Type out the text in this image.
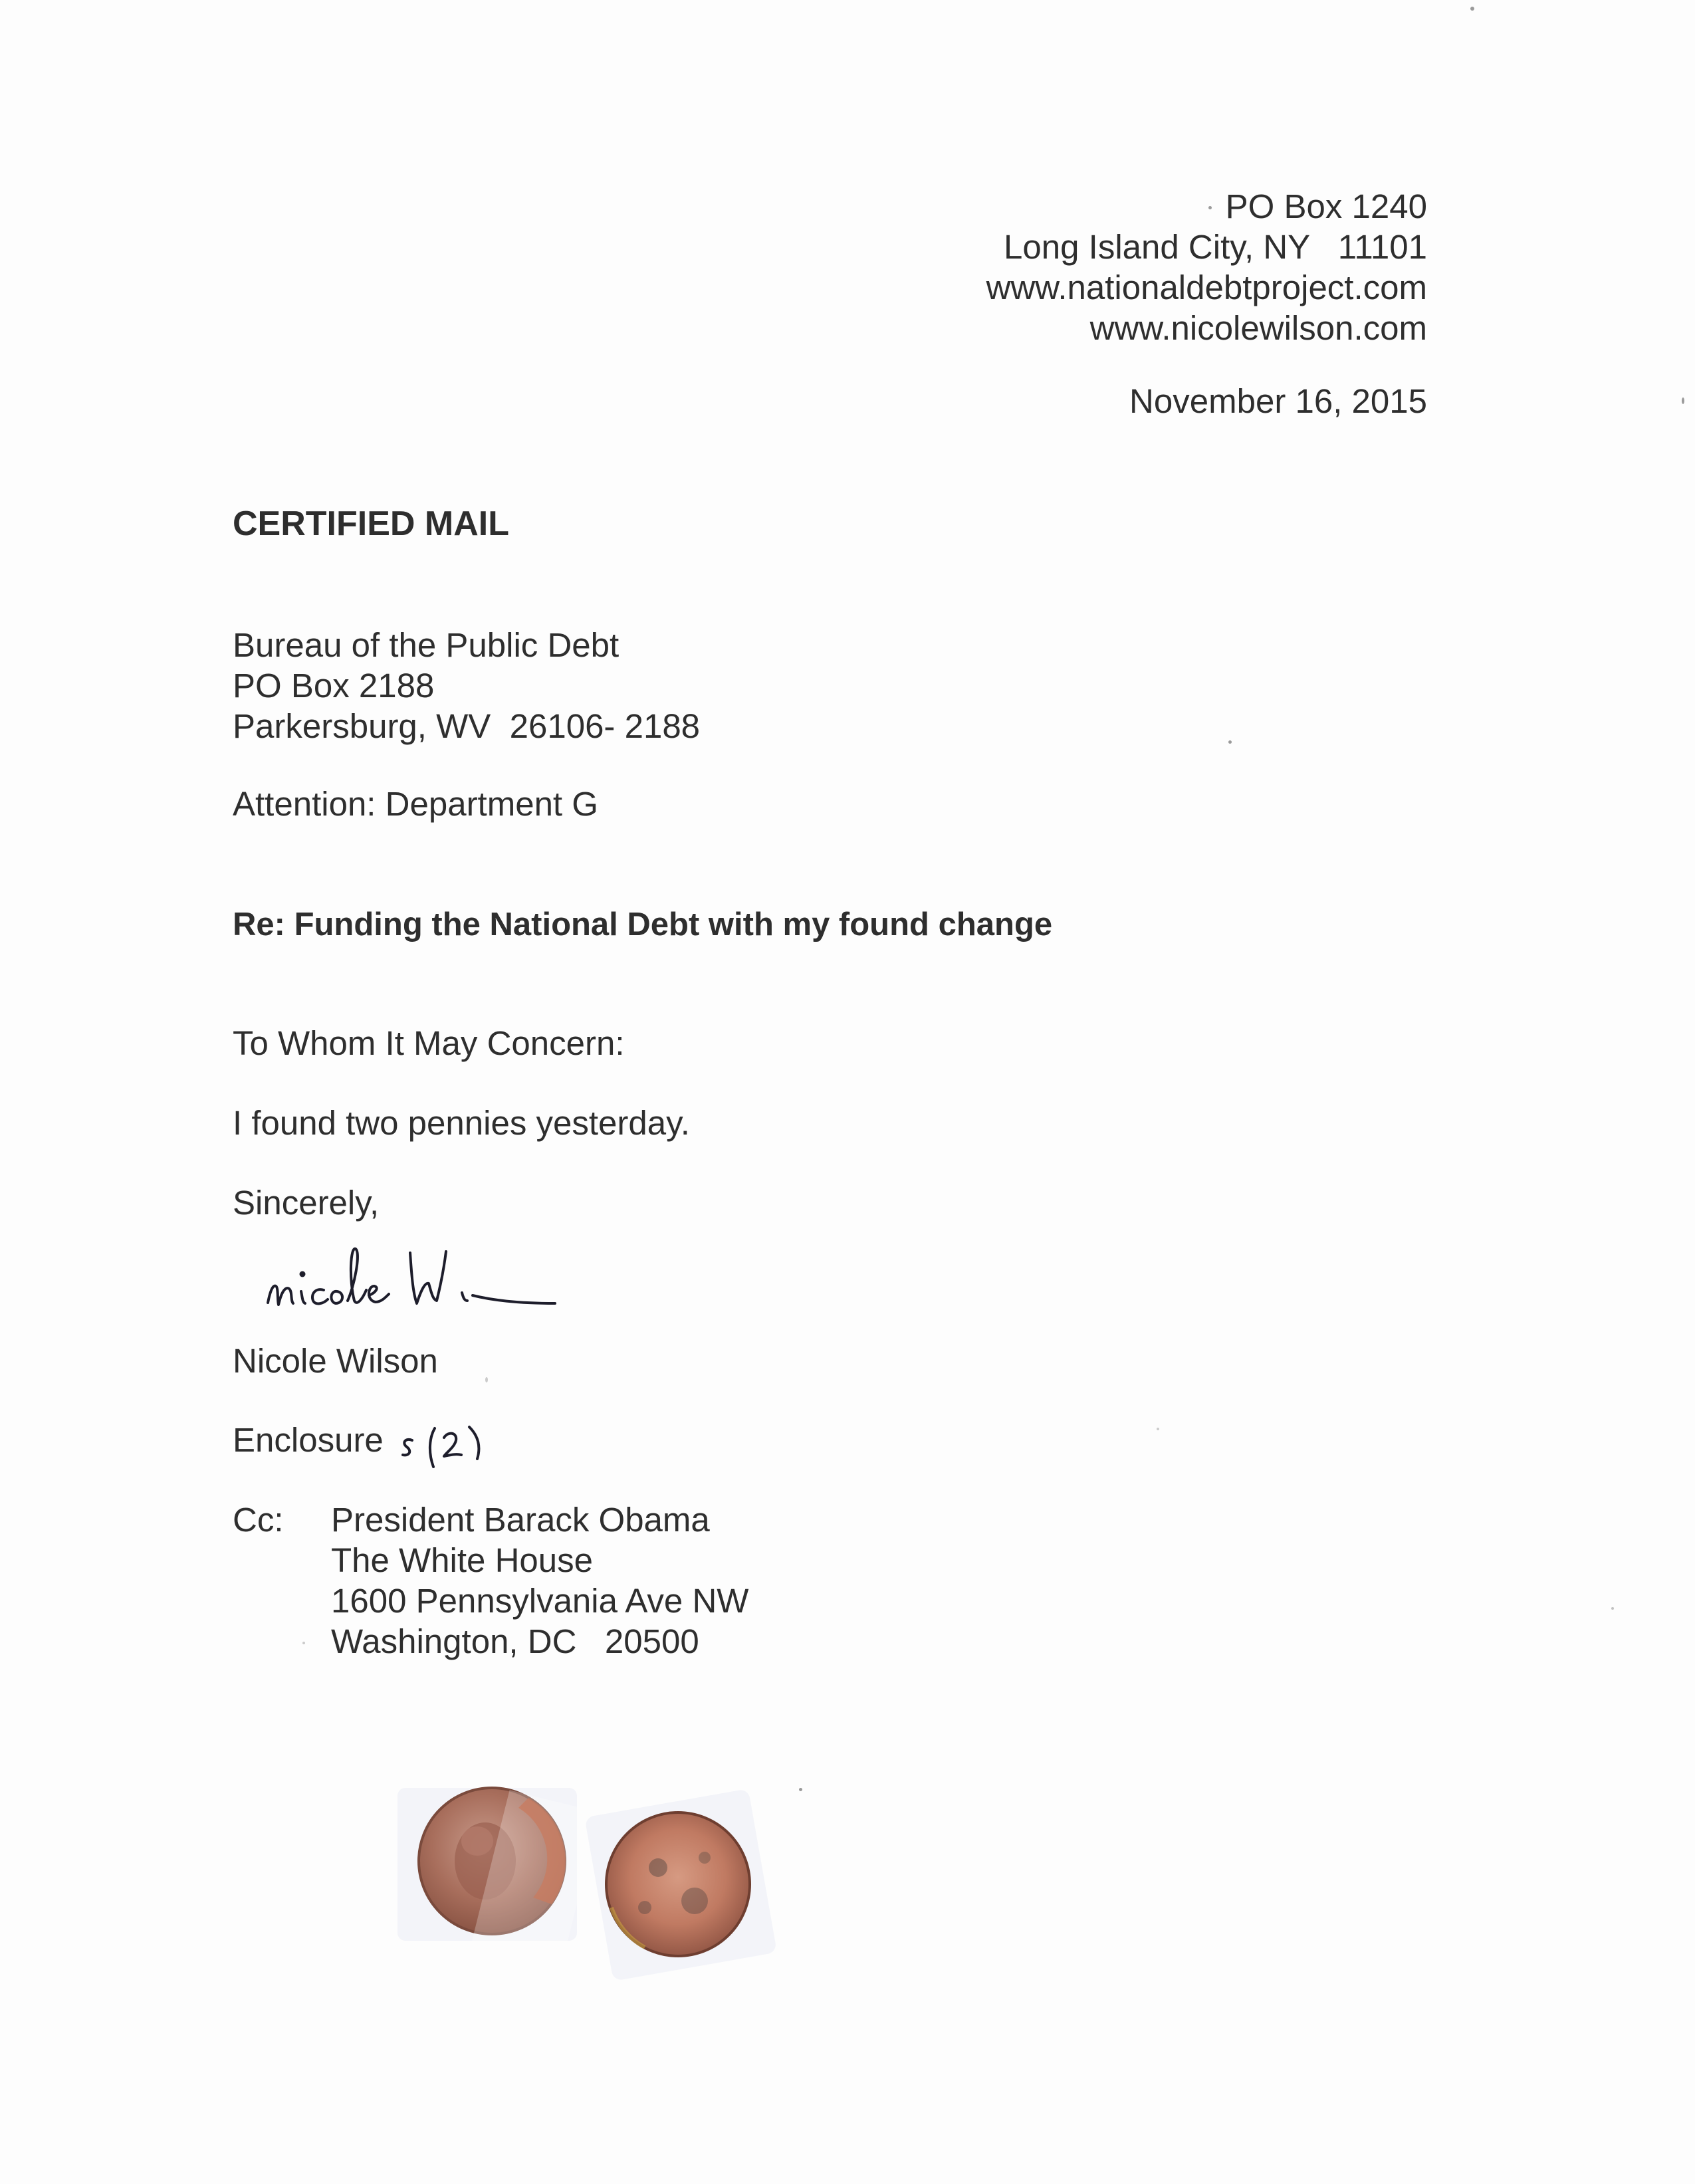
PO Box 1240
Long Island City, NY   11101
www.nationaldebtproject.com
www.nicolewilson.com
November 16, 2015
CERTIFIED MAIL
Bureau of the Public Debt
PO Box 2188
Parkersburg, WV  26106- 2188
Attention: Department G
Re: Funding the National Debt with my found change
To Whom It May Concern:
I found two pennies yesterday.
Sincerely,
Nicole Wilson
Enclosure
Cc: President Barack Obama
The White House
1600 Pennsylvania Ave NW
Washington, DC   20500
